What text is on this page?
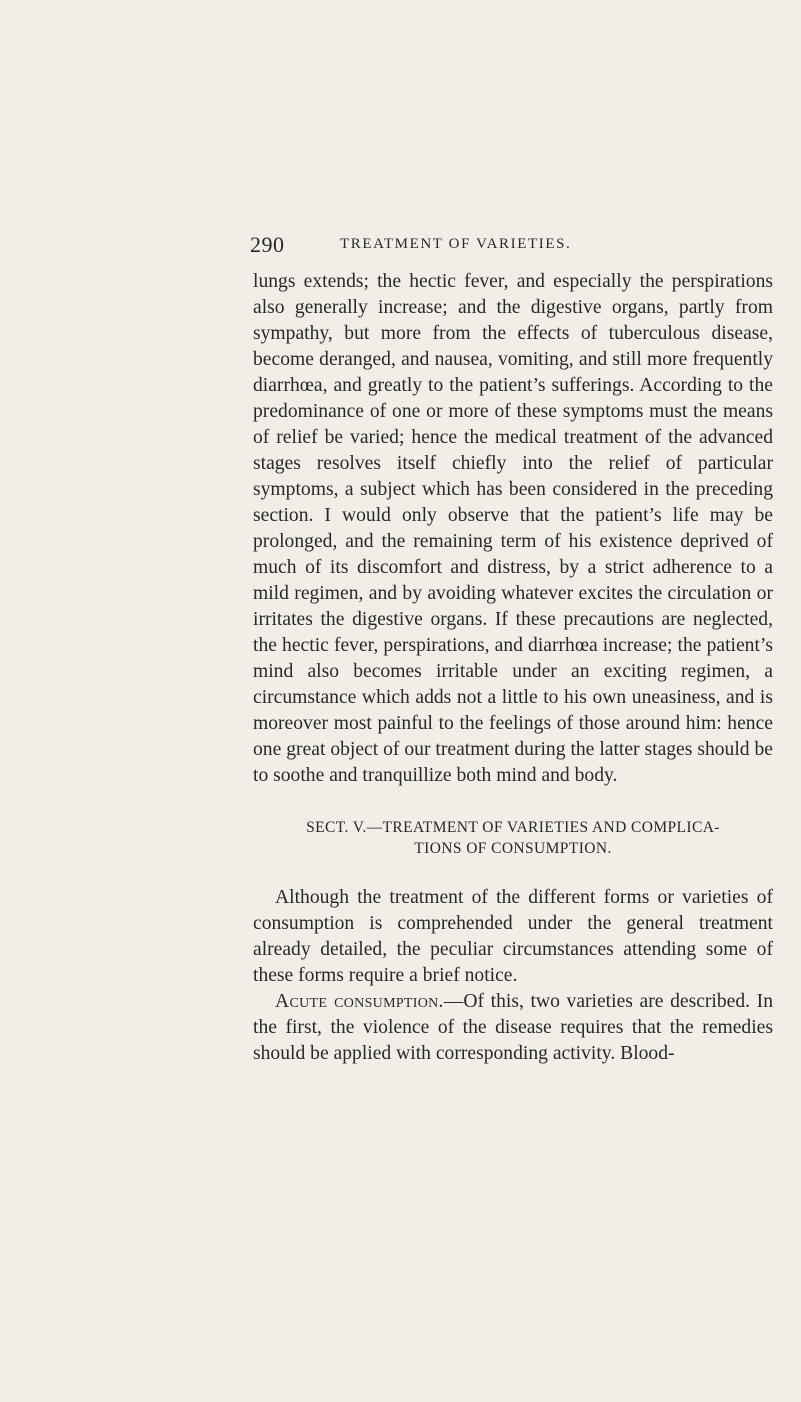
290	TREATMENT OF VARIETIES.

lungs extends; the hectic fever, and especially the perspirations also generally increase; and the digestive organs, partly from sympathy, but more from the effects of tuberculous disease, become deranged, and nausea, vomiting, and still more frequently diarrhœa, and greatly to the patient’s sufferings. According to the predominance of one or more of these symptoms must the means of relief be varied; hence the medical treatment of the advanced stages resolves itself chiefly into the relief of particular symptoms, a subject which has been considered in the preceding section. I would only observe that the patient’s life may be prolonged, and the remaining term of his existence deprived of much of its discomfort and distress, by a strict adherence to a mild regimen, and by avoiding whatever excites the circulation or irritates the digestive organs. If these precautions are neglected, the hectic fever, perspirations, and diarrhœa increase; the patient’s mind also becomes irritable under an exciting regimen, a circumstance which adds not a little to his own uneasiness, and is moreover most painful to the feelings of those around him: hence one great object of our treatment during the latter stages should be to soothe and tranquillize both mind and body.

SECT. V.—TREATMENT OF VARIETIES AND COMPLICA-
TIONS OF CONSUMPTION.

Although the treatment of the different forms or varieties of consumption is comprehended under the general treatment already detailed, the peculiar circumstances attending some of these forms require a brief notice.

Acute consumption.—Of this, two varieties are described. In the first, the violence of the disease requires that the remedies should be applied with corresponding activity. Blood-
